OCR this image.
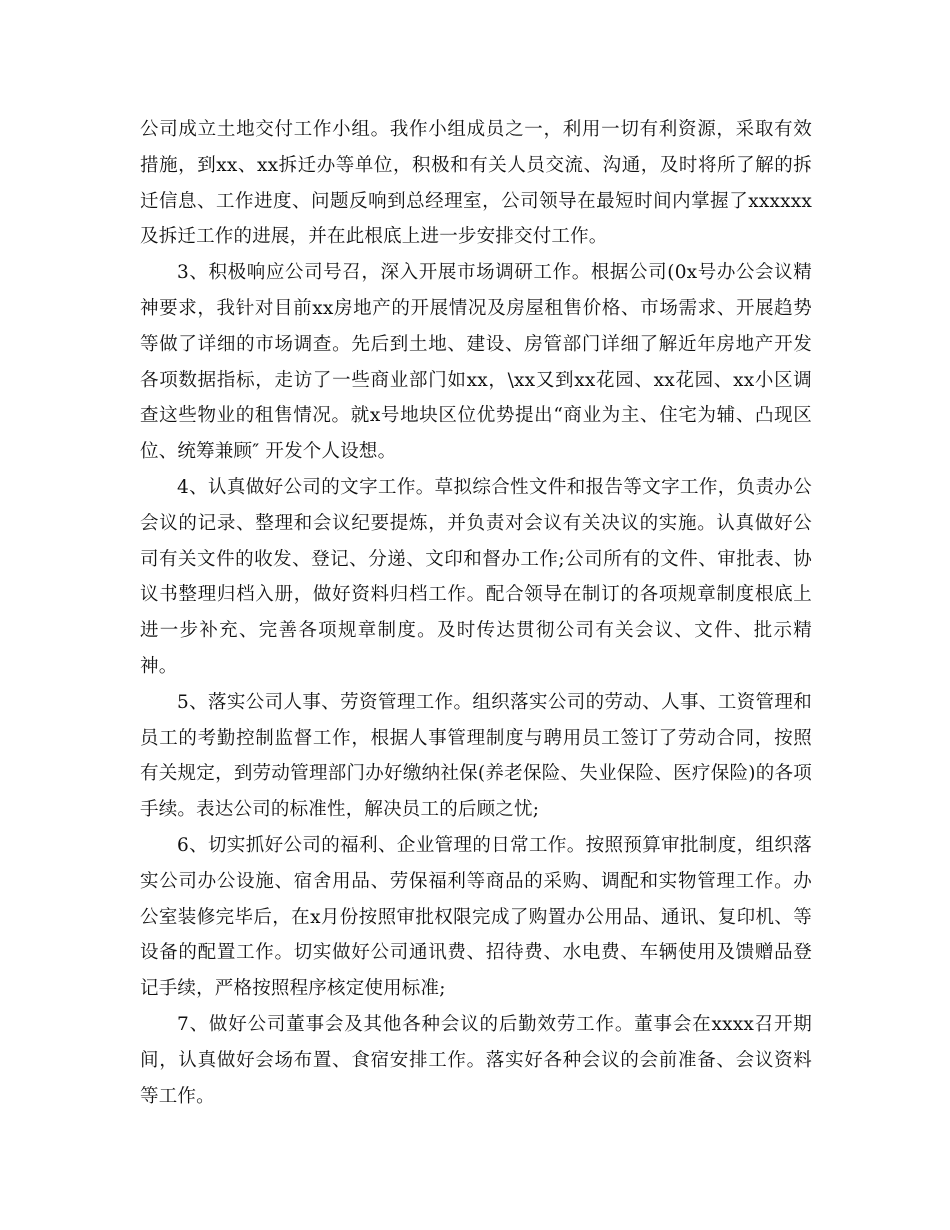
公司成立土地交付工作小组。我作小组成员之一，利用一切有利资源，采取有效措施，到xx、xx拆迁办等单位，积极和有关人员交流、沟通，及时将所了解的拆迁信息、工作进度、问题反响到总经理室，公司领导在最短时间内掌握了xxxxxx及拆迁工作的进展，并在此根底上进一步安排交付工作。

3、积极响应公司号召，深入开展市场调研工作。根据公司(0x号办公会议精神要求，我针对目前xx房地产的开展情况及房屋租售价格、市场需求、开展趋势等做了详细的市场调查。先后到土地、建设、房管部门详细了解近年房地产开发各项数据指标，走访了一些商业部门如xx，\xx又到xx花园、xx花园、xx小区调查这些物业的租售情况。就x号地块区位优势提出“商业为主、住宅为辅、凸现区位、统筹兼顾″ 开发个人设想。

4、认真做好公司的文字工作。草拟综合性文件和报告等文字工作，负责办公会议的记录、整理和会议纪要提炼，并负责对会议有关决议的实施。认真做好公司有关文件的收发、登记、分递、文印和督办工作;公司所有的文件、审批表、协议书整理归档入册，做好资料归档工作。配合领导在制订的各项规章制度根底上进一步补充、完善各项规章制度。及时传达贯彻公司有关会议、文件、批示精神。

5、落实公司人事、劳资管理工作。组织落实公司的劳动、人事、工资管理和员工的考勤控制监督工作，根据人事管理制度与聘用员工签订了劳动合同，按照有关规定，到劳动管理部门办好缴纳社保(养老保险、失业保险、医疗保险)的各项手续。表达公司的标准性，解决员工的后顾之忧;

6、切实抓好公司的福利、企业管理的日常工作。按照预算审批制度，组织落实公司办公设施、宿舍用品、劳保福利等商品的采购、调配和实物管理工作。办公室装修完毕后，在x月份按照审批权限完成了购置办公用品、通讯、复印机、等设备的配置工作。切实做好公司通讯费、招待费、水电费、车辆使用及馈赠品登记手续，严格按照程序核定使用标准;

7、做好公司董事会及其他各种会议的后勤效劳工作。董事会在xxxx召开期间，认真做好会场布置、食宿安排工作。落实好各种会议的会前准备、会议资料等工作。
